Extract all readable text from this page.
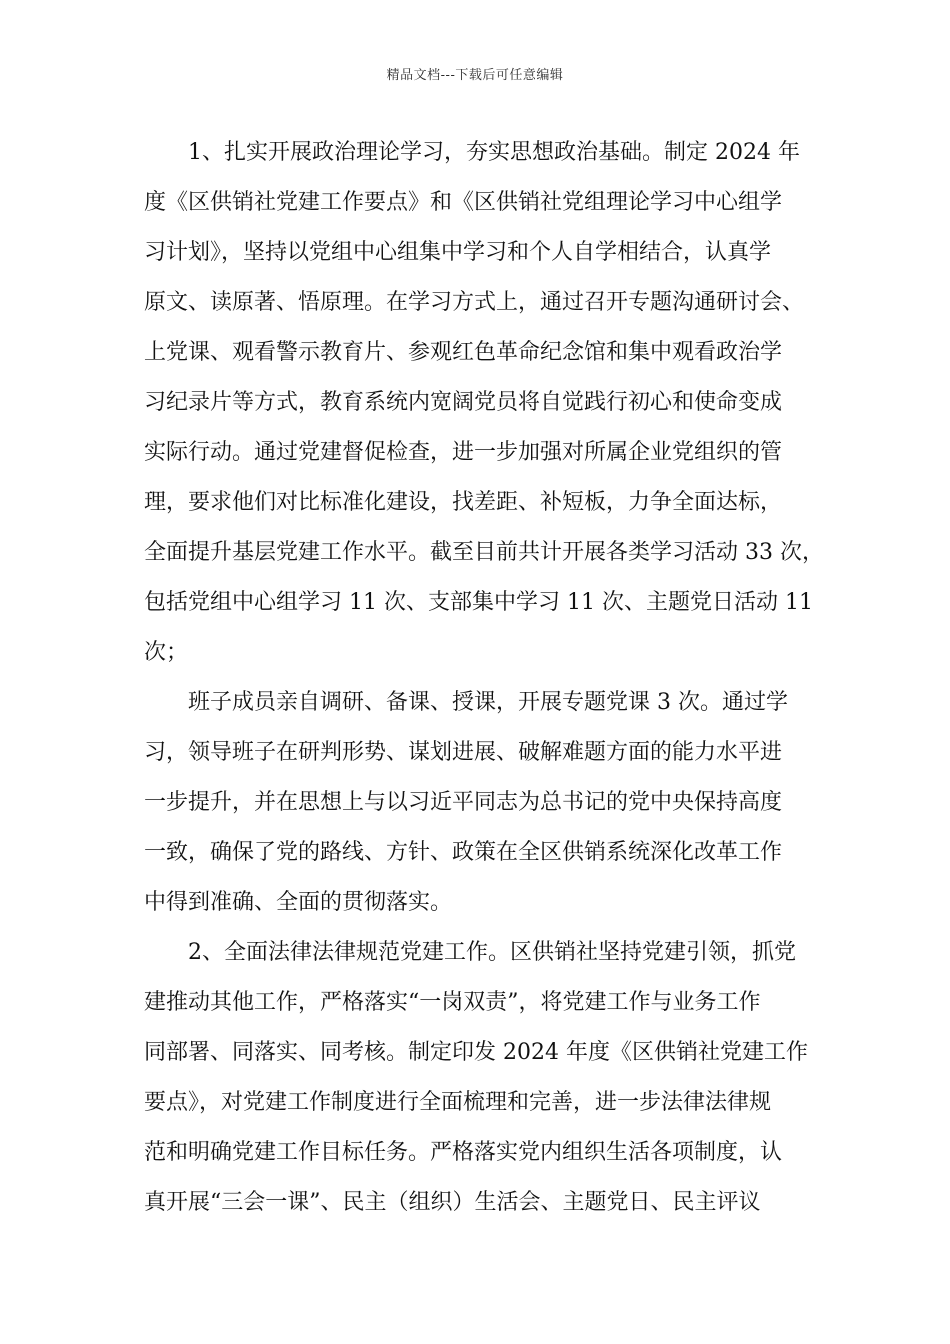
精品文档---下载后可任意编辑
1、扎实开展政治理论学习，夯实思想政治基础。制定 2024 年
度《区供销社党建工作要点》和《区供销社党组理论学习中心组学
习计划》，坚持以党组中心组集中学习和个人自学相结合，认真学
原文、读原著、悟原理。在学习方式上，通过召开专题沟通研讨会、
上党课、观看警示教育片、参观红色革命纪念馆和集中观看政治学
习纪录片等方式，教育系统内宽阔党员将自觉践行初心和使命变成
实际行动。通过党建督促检查，进一步加强对所属企业党组织的管
理，要求他们对比标准化建设，找差距、补短板，力争全面达标，
全面提升基层党建工作水平。截至目前共计开展各类学习活动 33 次，
包括党组中心组学习 11 次、支部集中学习 11 次、主题党日活动 11
次；
班子成员亲自调研、备课、授课，开展专题党课 3 次。通过学
习，领导班子在研判形势、谋划进展、破解难题方面的能力水平进
一步提升，并在思想上与以习近平同志为总书记的党中央保持高度
一致，确保了党的路线、方针、政策在全区供销系统深化改革工作
中得到准确、全面的贯彻落实。
2、全面法律法律规范党建工作。区供销社坚持党建引领，抓党
建推动其他工作，严格落实“一岗双责”，将党建工作与业务工作
同部署、同落实、同考核。制定印发 2024 年度《区供销社党建工作
要点》，对党建工作制度进行全面梳理和完善，进一步法律法律规
范和明确党建工作目标任务。严格落实党内组织生活各项制度，认
真开展“三会一课”、民主（组织）生活会、主题党日、民主评议
